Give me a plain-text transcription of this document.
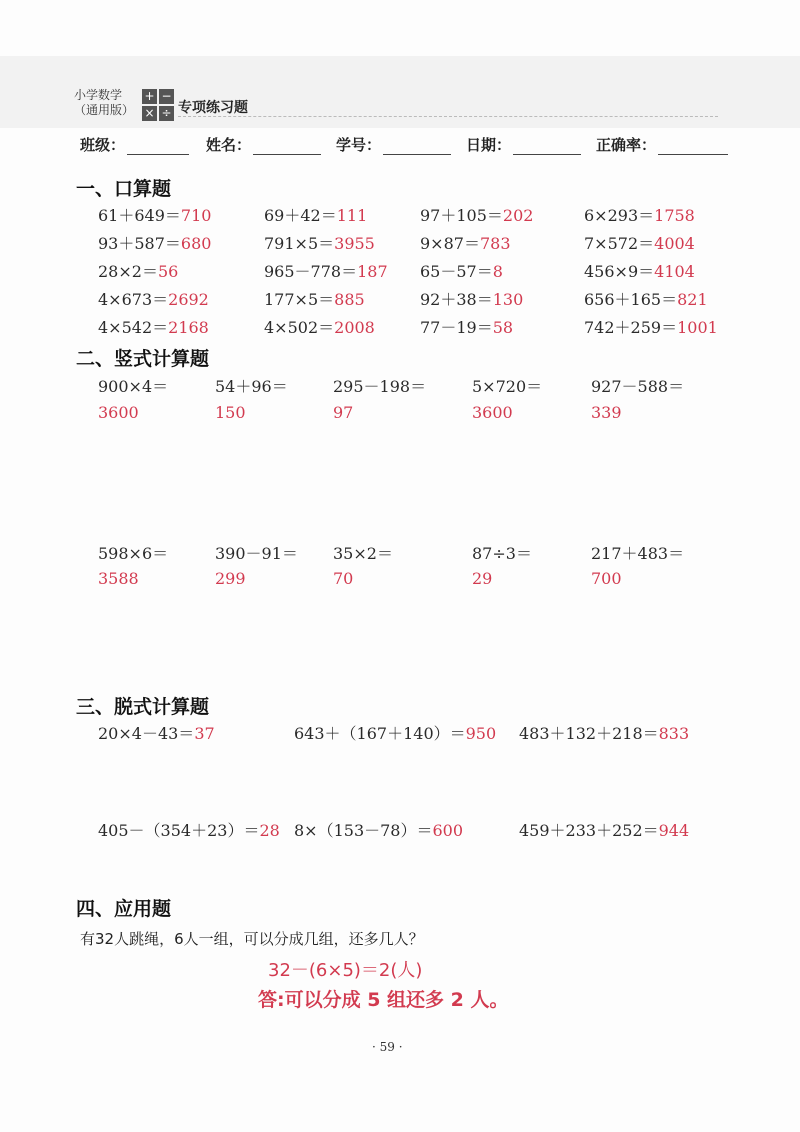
小学数学
（通用版）
+ −
× ÷ 专项练习题
班级：	姓名：	学号：	日期：	正确率：
一、口算题
61＋649＝710	69＋42＝111	97＋105＝202	6×293＝1758
93＋587＝680	791×5＝3955	9×87＝783	7×572＝4004
28×2＝56	965－778＝187 65－57＝8	456×9＝4104
4×673＝2692	177×5＝885	92＋38＝130	656＋165＝821
4×542＝2168	4×502＝2008	77－19＝58	742＋259＝1001
二、竖式计算题
900×4＝	54＋96＝	295－198＝	5×720＝	927－588＝
3600	150	97	3600	339
598×6＝	390－91＝ 35×2＝	87÷3＝	217＋483＝
3588	299	70	29	700
三、脱式计算题
20×4－43＝37	643＋（167＋140）＝950 483＋132＋218＝833
405－（354＋23）＝28 8×（153－78）＝600	459＋233＋252＝944
四、应用题
有32人跳绳，6人一组，可以分成几组，还多几人？
32－(6×5)＝2(人)
答:可以分成 5 组还多 2 人。
· 59 ·
